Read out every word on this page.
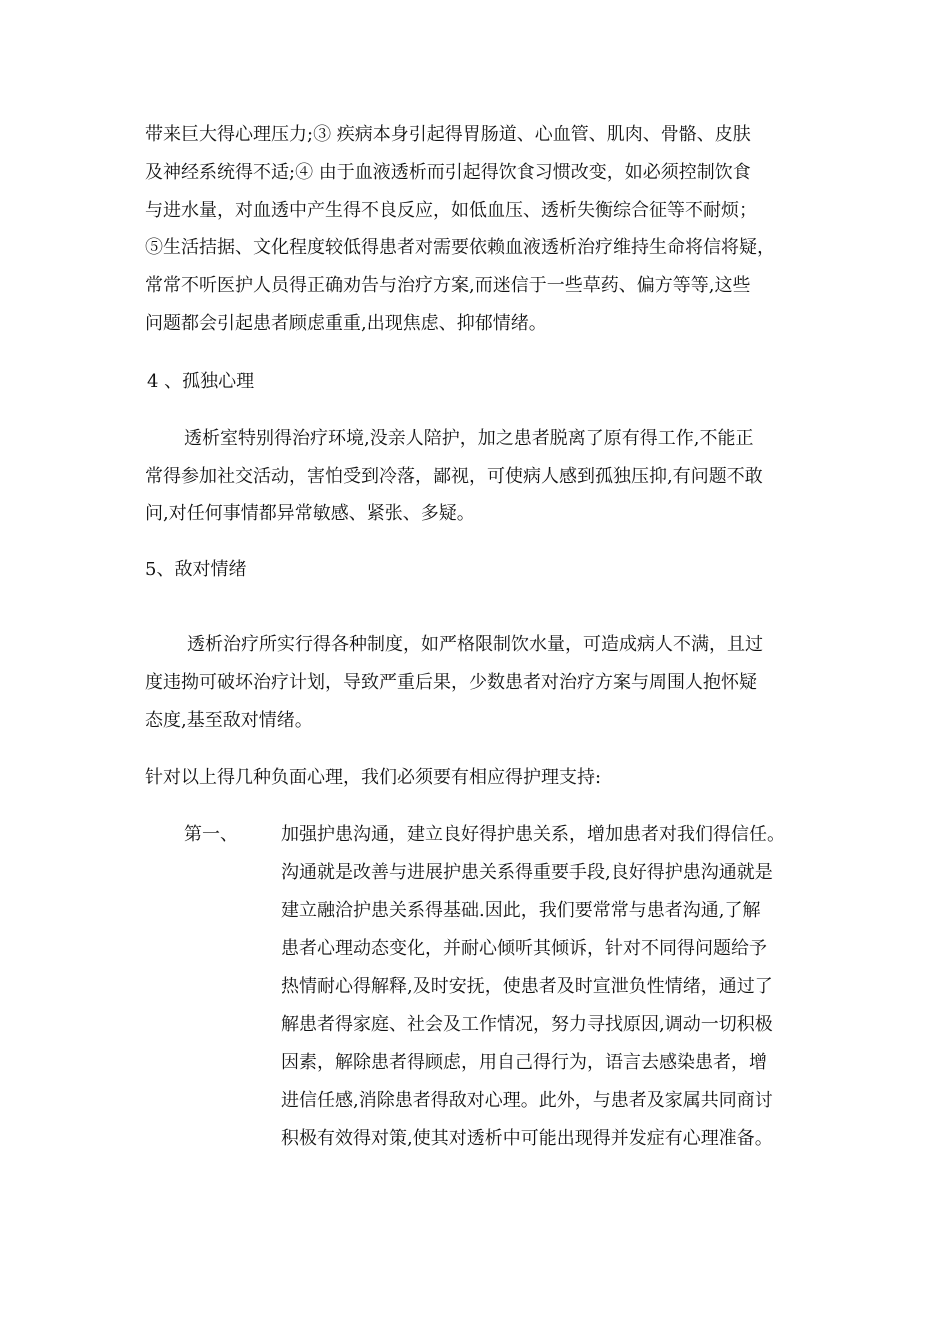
带来巨大得心理压力;③ 疾病本身引起得胃肠道、心血管、肌肉、骨骼、皮肤
及神经系统得不适;④ 由于血液透析而引起得饮食习惯改变，如必须控制饮食
与进水量，对血透中产生得不良反应，如低血压、透析失衡综合征等不耐烦；
⑤生活拮据、文化程度较低得患者对需要依赖血液透析治疗维持生命将信将疑，
常常不听医护人员得正确劝告与治疗方案,而迷信于一些草药、偏方等等,这些
问题都会引起患者顾虑重重,出现焦虑、抑郁情绪。
4 、孤独心理
透析室特别得治疗环境,没亲人陪护，加之患者脱离了原有得工作,不能正
常得参加社交活动，害怕受到冷落，鄙视，可使病人感到孤独压抑,有问题不敢
问,对任何事情都异常敏感、紧张、多疑。
5、敌对情绪
透析治疗所实行得各种制度，如严格限制饮水量，可造成病人不满，且过
度违拗可破坏治疗计划，导致严重后果，少数患者对治疗方案与周围人抱怀疑
态度,基至敌对情绪。
针对以上得几种负面心理，我们必须要有相应得护理支持:
第一、 加强护患沟通，建立良好得护患关系，增加患者对我们得信任。
沟通就是改善与进展护患关系得重要手段,良好得护患沟通就是
建立融洽护患关系得基础.因此，我们要常常与患者沟通,了解
患者心理动态变化，并耐心倾听其倾诉，针对不同得问题给予
热情耐心得解释,及时安抚，使患者及时宣泄负性情绪，通过了
解患者得家庭、社会及工作情况，努力寻找原因,调动一切积极
因素，解除患者得顾虑，用自己得行为，语言去感染患者，增
进信任感,消除患者得敌对心理。此外，与患者及家属共同商讨
积极有效得对策,使其对透析中可能出现得并发症有心理准备。
